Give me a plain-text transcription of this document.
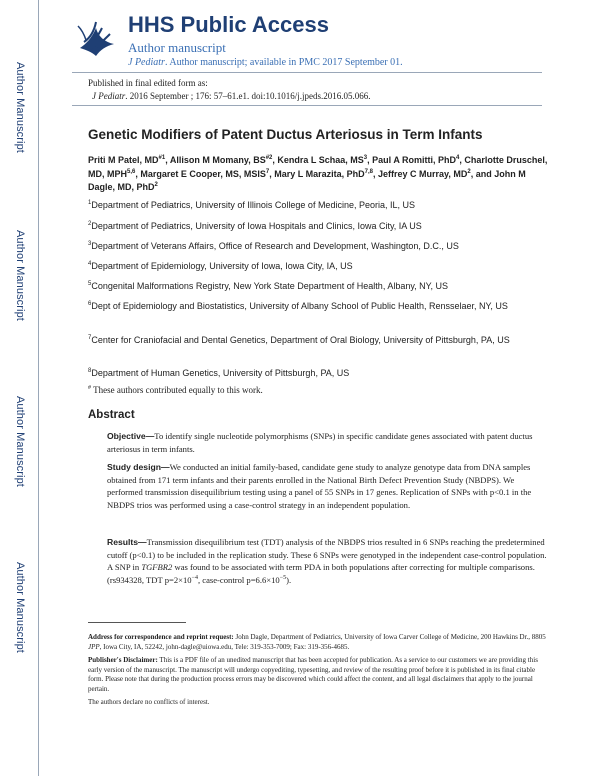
Author Manuscript
Author Manuscript
Author Manuscript
Author Manuscript
HHS Public Access
Author manuscript
J Pediatr. Author manuscript; available in PMC 2017 September 01.
Published in final edited form as:
J Pediatr. 2016 September ; 176: 57–61.e1. doi:10.1016/j.jpeds.2016.05.066.
Genetic Modifiers of Patent Ductus Arteriosus in Term Infants
Priti M Patel, MD$^{\#1}$, Allison M Momany, BS$^{\#2}$, Kendra L Schaa, $MS^3$, Paul A Romitti, PhD$^4$, Charlotte Druschel, MD, MPH$^{5,6}$, Margaret E Cooper, MS, MSIS$^7$, Mary L Marazita, PhD$^{7,8}$, Jeffrey C Murray, $MD^2$, and John M Dagle, MD, PhD$^2$
$^1$Department of Pediatrics, University of Illinois College of Medicine, Peoria, IL, US
$^2$Department of Pediatrics, University of Iowa Hospitals and Clinics, Iowa City, IA US
$^3$Department of Veterans Affairs, Office of Research and Development, Washington, D.C., US
$^4$Department of Epidemiology, University of Iowa, Iowa City, IA, US
$^5$Congenital Malformations Registry, New York State Department of Health, Albany, NY, US
$^6$Dept of Epidemiology and Biostatistics, University of Albany School of Public Health, Rensselaer, NY, US
$^7$Center for Craniofacial and Dental Genetics, Department of Oral Biology, University of Pittsburgh, PA, US
$^8$Department of Human Genetics, University of Pittsburgh, PA, US
# These authors contributed equally to this work.
Abstract
Objective—To identify single nucleotide polymorphisms (SNPs) in specific candidate genes associated with patent ductus arteriosus in term infants.
Study design—We conducted an initial family-based, candidate gene study to analyze genotype data from DNA samples obtained from 171 term infants and their parents enrolled in the National Birth Defect Prevention Study (NBDPS). We performed transmission disequilibrium testing using a panel of 55 SNPs in 17 genes. Replication of SNPs with p<0.1 in the NBDPS trios was performed using a case-control strategy in an independent population.
Results—Transmission disequilibrium test (TDT) analysis of the NBDPS trios resulted in 6 SNPs reaching the predetermined cutoff (p<0.1) to be included in the replication study. These 6 SNPs were genotyped in the independent case-control population. A SNP in TGFBR2 was found to be associated with term PDA in both populations after correcting for multiple comparisons. (rs934328, TDT $p=2\times 10^{-4}$, case-control $p=6.6\times 10^{-5}$).
Address for correspondence and reprint request: John Dagle, Department of Pediatrics, University of Iowa Carver College of Medicine, 200 Hawkins Dr., 8805 JPP, Iowa City, IA, 52242, john-dagle@uiowa.edu, Tele: 319-353-7009; Fax: 319-356-4685.
Publisher's Disclaimer: This is a PDF file of an unedited manuscript that has been accepted for publication. As a service to our customers we are providing this early version of the manuscript. The manuscript will undergo copyediting, typesetting, and review of the resulting proof before it is published in its final citable form. Please note that during the production process errors may be discovered which could affect the content, and all legal disclaimers that apply to the journal pertain.
The authors declare no conflicts of interest.
